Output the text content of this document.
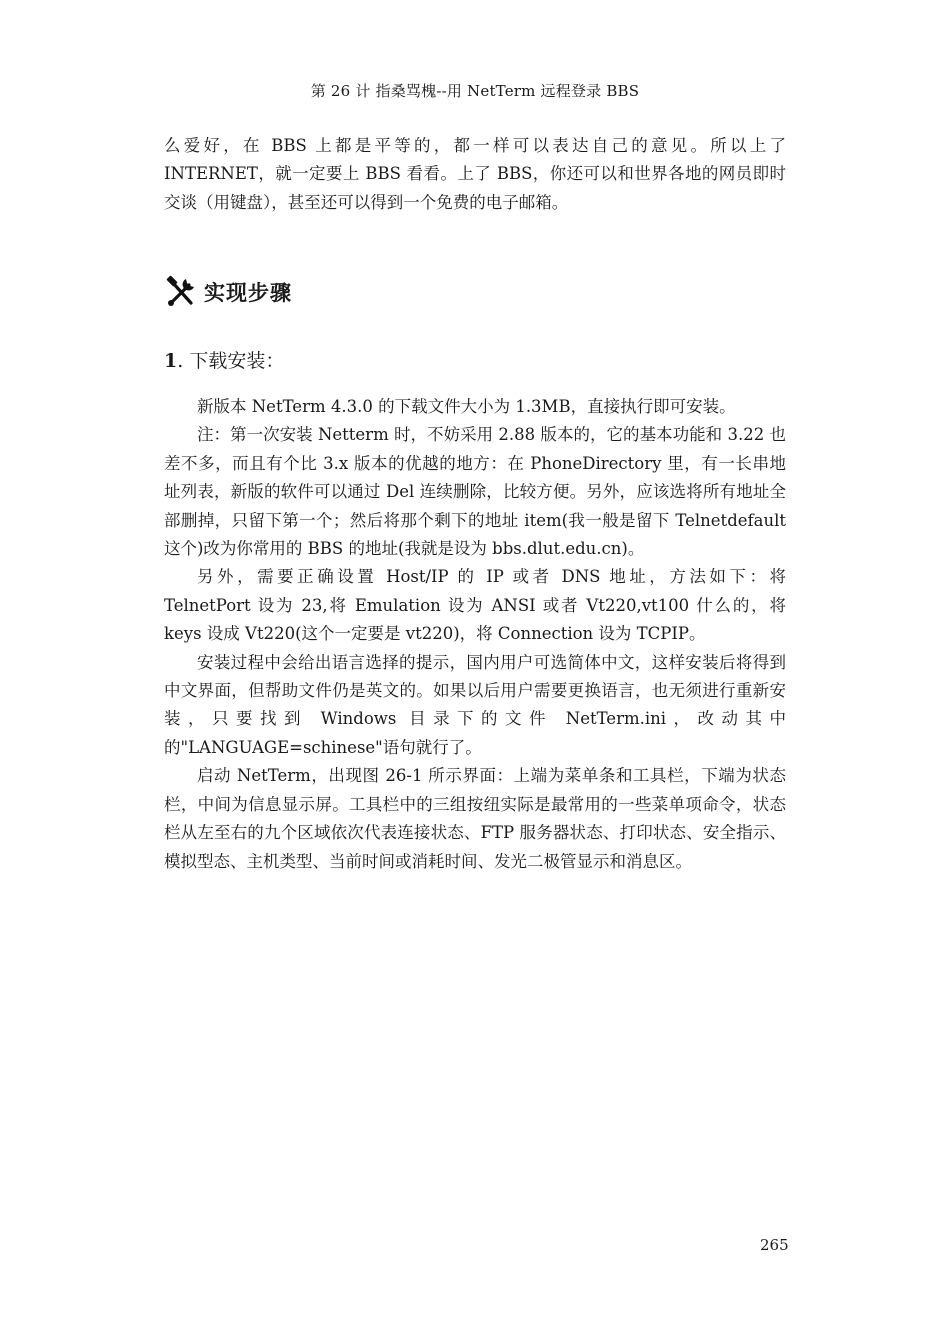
第 26 计 指桑骂槐--用 NetTerm 远程登录 BBS

么爱好，在 BBS 上都是平等的，都一样可以表达自己的意见。所以上了 INTERNET，就一定要上 BBS 看看。上了 BBS，你还可以和世界各地的网员即时交谈（用键盘），甚至还可以得到一个免费的电子邮箱。

实现步骤
1. 下载安装：

新版本 NetTerm 4.3.0 的下载文件大小为 1.3MB，直接执行即可安装。

注：第一次安装 Netterm 时，不妨采用 2.88 版本的，它的基本功能和 3.22 也差不多，而且有个比 3.x 版本的优越的地方：在 PhoneDirectory 里，有一长串地址列表，新版的软件可以通过 Del 连续删除，比较方便。另外，应该选将所有地址全部删掉，只留下第一个；然后将那个剩下的地址 item(我一般是留下 Telnetdefault 这个)改为你常用的 BBS 的地址(我就是设为 bbs.dlut.edu.cn)。

另外，需要正确设置 Host/IP 的 IP 或者 DNS 地址，方法如下：将 TelnetPort 设为 23,将 Emulation 设为 ANSI 或者 Vt220,vt100 什么的，将 keys 设成 Vt220(这个一定要是 vt220)，将 Connection 设为 TCPIP。

安装过程中会给出语言选择的提示，国内用户可选简体中文，这样安装后将得到中文界面，但帮助文件仍是英文的。如果以后用户需要更换语言，也无须进行重新安装，只要找到 Windows 目录下的文件 NetTerm.ini，改动其中的"LANGUAGE=schinese"语句就行了。

启动 NetTerm，出现图 26-1 所示界面：上端为菜单条和工具栏，下端为状态栏，中间为信息显示屏。工具栏中的三组按纽实际是最常用的一些菜单项命令，状态栏从左至右的九个区域依次代表连接状态、FTP 服务器状态、打印状态、安全指示、模拟型态、主机类型、当前时间或消耗时间、发光二极管显示和消息区。

265
